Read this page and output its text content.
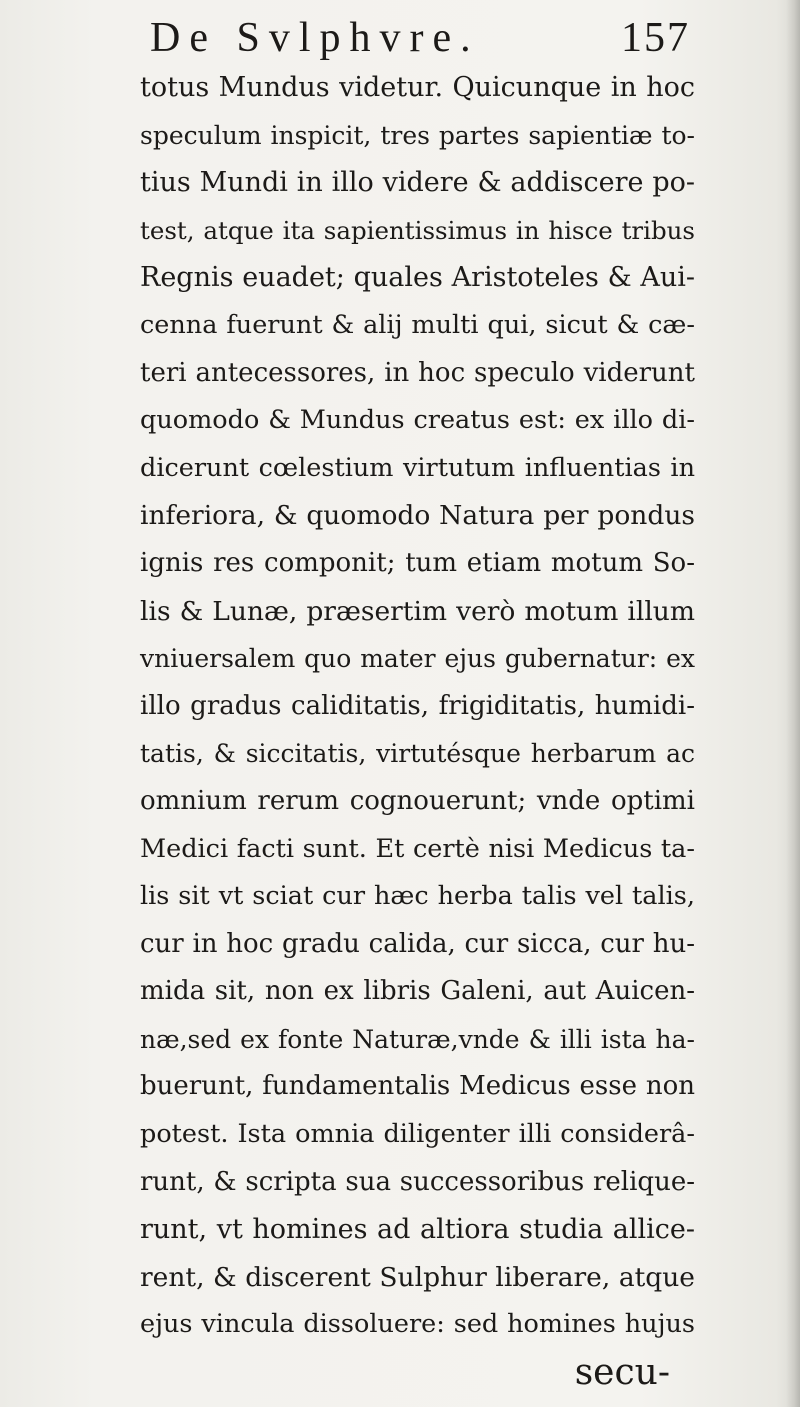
De Svlphvre.	157
totus Mundus videtur. Quicunque in hoc
speculum inspicit, tres partes sapientiæ to-
tius Mundi in illo videre & addiscere po-
test, atque ita sapientissimus in hisce tribus
Regnis euadet; quales Aristoteles & Aui-
cenna fuerunt & alij multi qui, sicut & cæ-
teri antecessores, in hoc speculo viderunt
quomodo & Mundus creatus est: ex illo di-
dicerunt cœlestium virtutum influentias in
inferiora, & quomodo Natura per pondus
ignis res componit; tum etiam motum So-
lis & Lunæ, præsertim verò motum illum
vniuersalem quo mater ejus gubernatur: ex
illo gradus caliditatis, frigiditatis, humidi-
tatis, & siccitatis, virtutésque herbarum ac
omnium rerum cognouerunt; vnde optimi
Medici facti sunt. Et certè nisi Medicus ta-
lis sit vt sciat cur hæc herba talis vel talis,
cur in hoc gradu calida, cur sicca, cur hu-
mida sit, non ex libris Galeni, aut Auicen-
næ,sed ex fonte Naturæ,vnde & illi ista ha-
buerunt, fundamentalis Medicus esse non
potest. Ista omnia diligenter illi considerâ-
runt, & scripta sua successoribus relique-
runt, vt homines ad altiora studia allice-
rent, & discerent Sulphur liberare, atque
ejus vincula dissoluere: sed homines hujus
secu-
